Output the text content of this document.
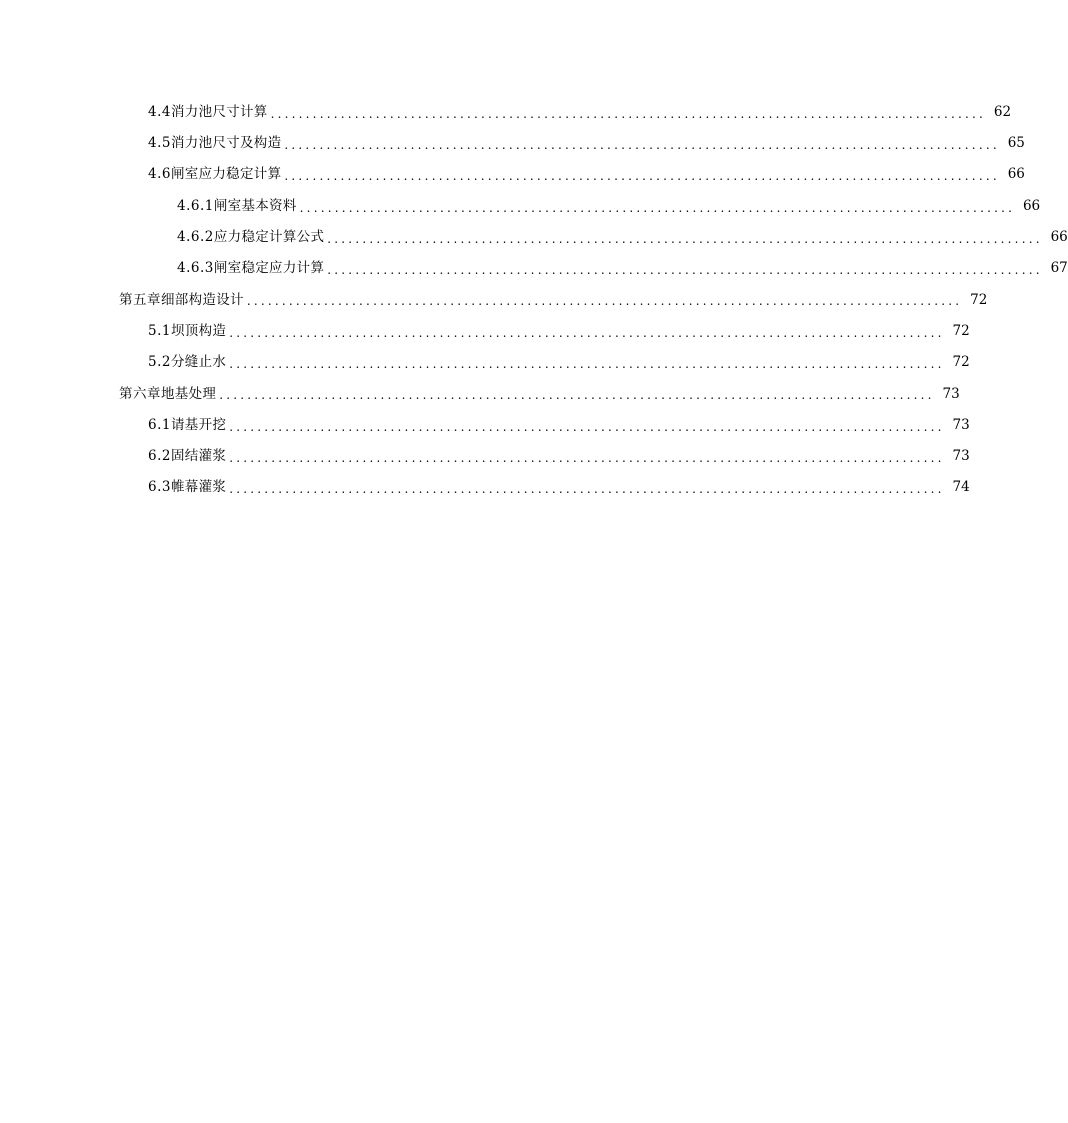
4.4 消力池尺寸计算 ...................................................................................................... 62
4.5 消力池尺寸及构造 ...................................................................................................... 65
4.6 闸室应力稳定计算 ...................................................................................................... 66
4.6.1 闸室基本资料 ...................................................................................................... 66
4.6.2 应力稳定计算公式 ...................................................................................................... 66
4.6.3 闸室稳定应力计算 ...................................................................................................... 67
第五章 细部构造设计 ...................................................................................................... 72
5.1 坝顶构造 ...................................................................................................... 72
5.2 分缝止水 ...................................................................................................... 72
第六章 地基处理 ...................................................................................................... 73
6.1 请基开挖 ...................................................................................................... 73
6.2 固结灌浆 ...................................................................................................... 73
6.3 帷幕灌浆 ...................................................................................................... 74
